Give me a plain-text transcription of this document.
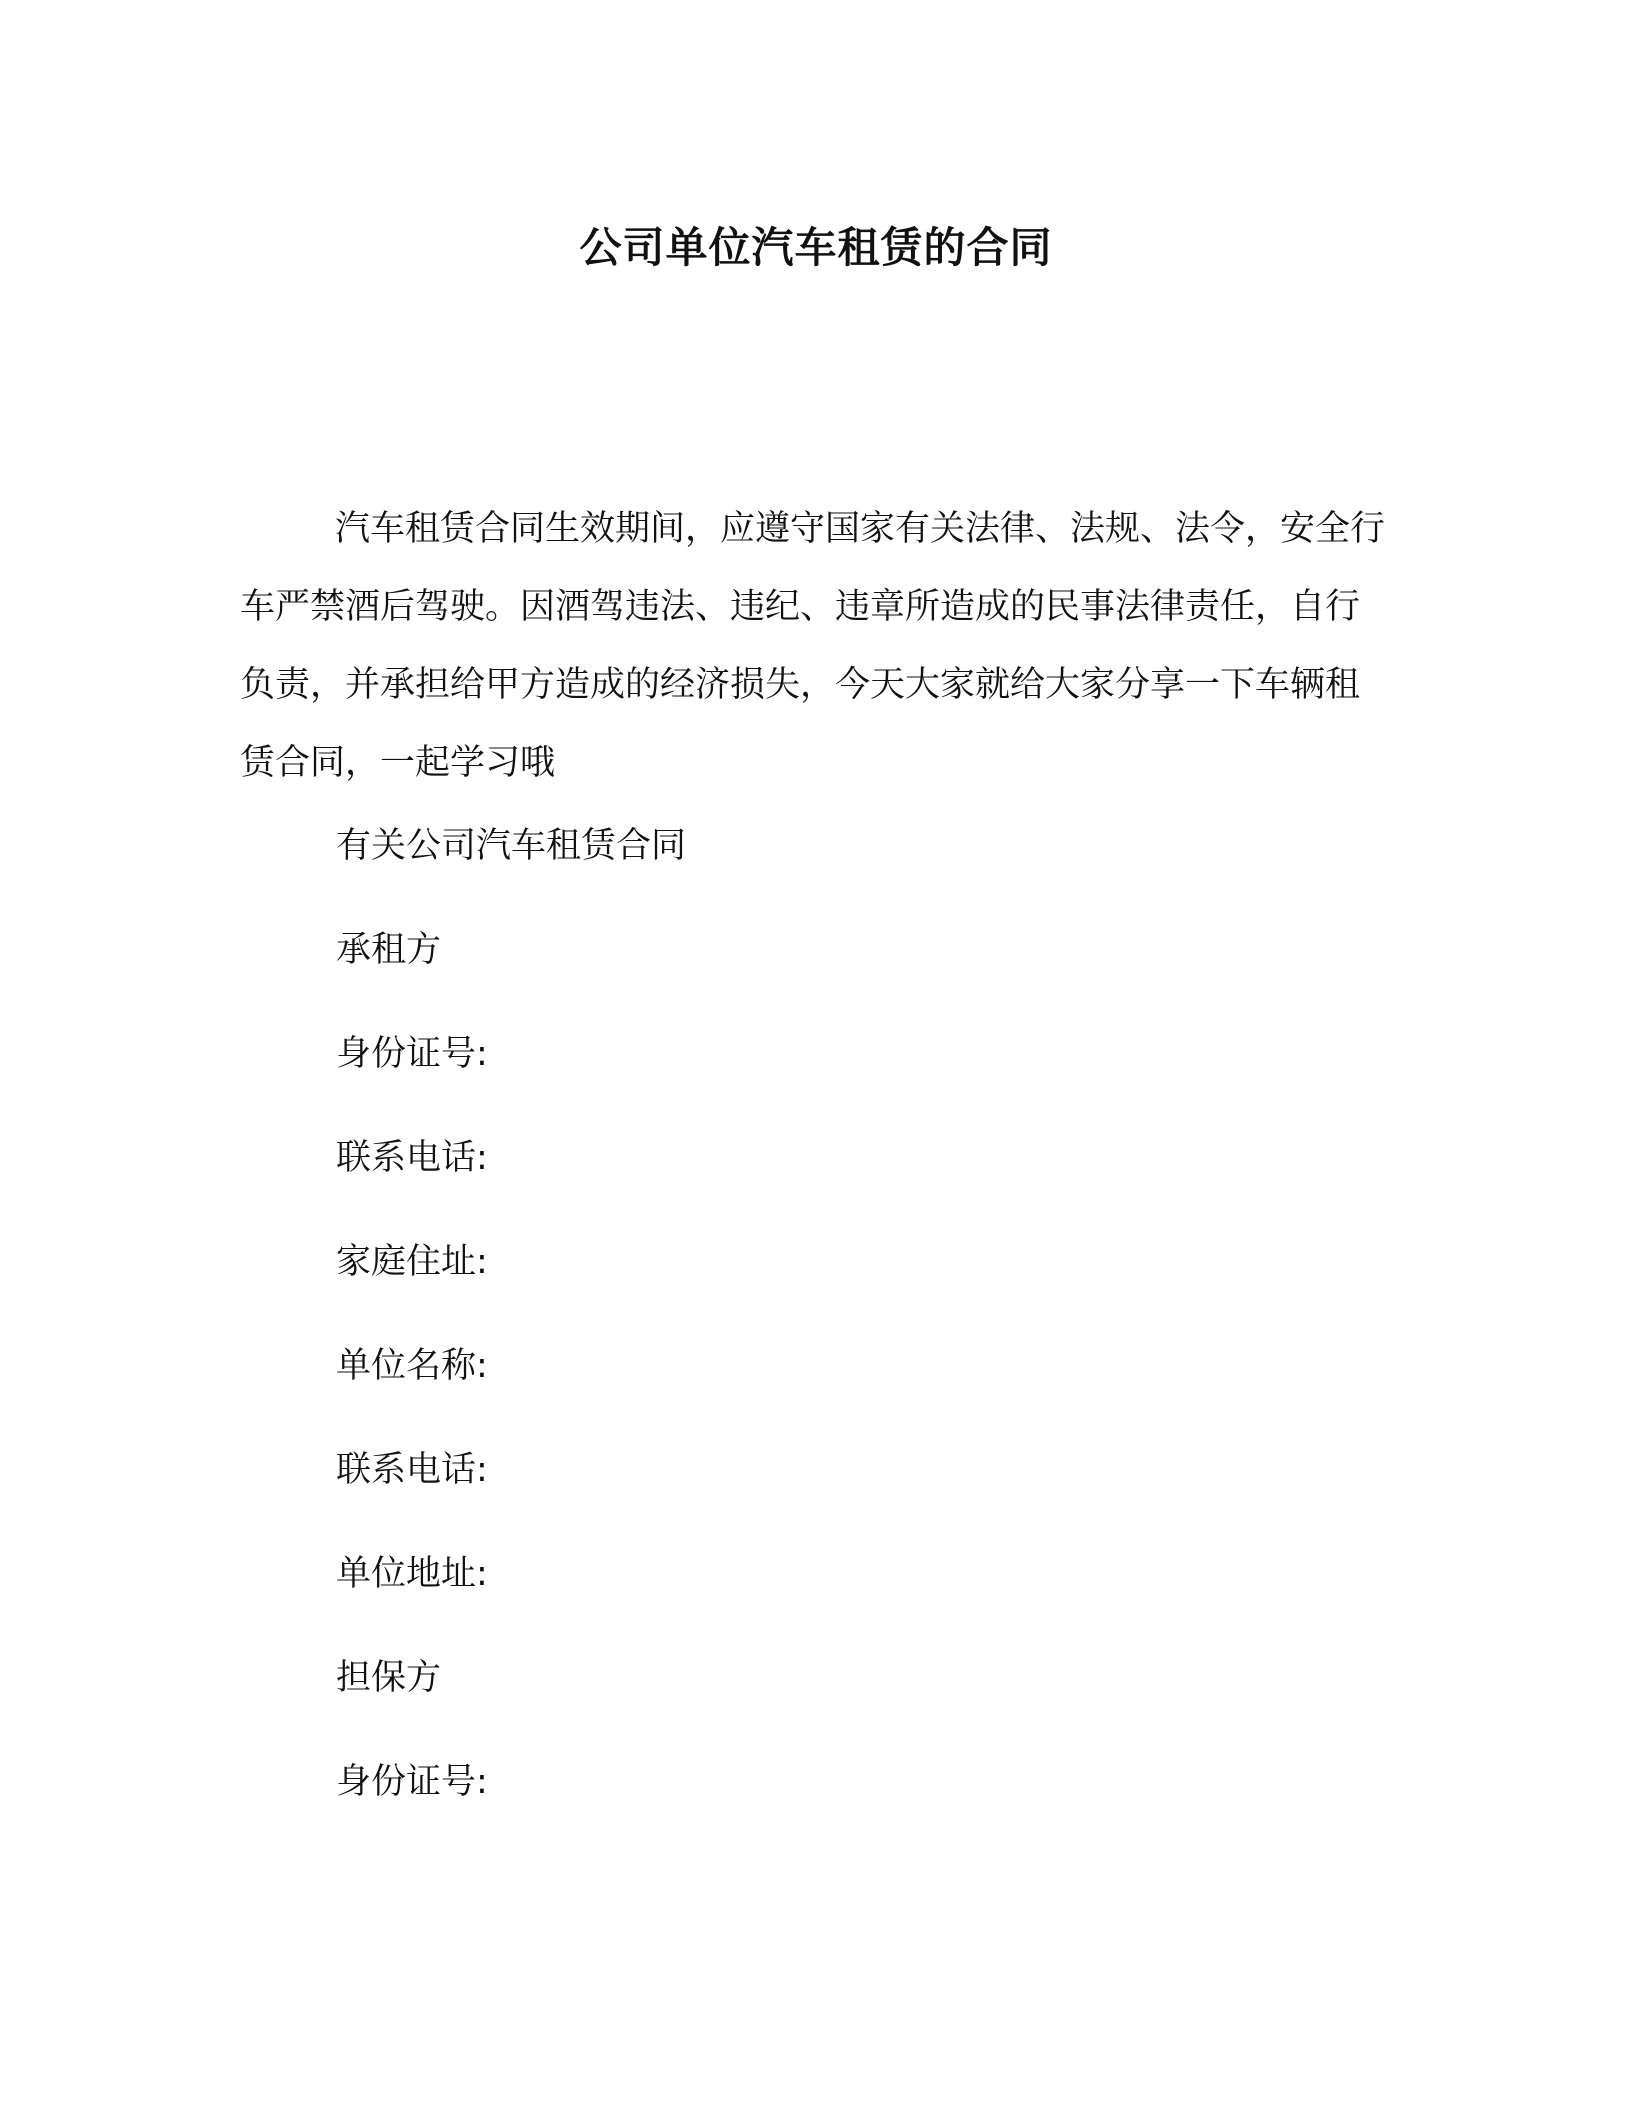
公司单位汽车租赁的合同

汽车租赁合同生效期间，应遵守国家有关法律、法规、法令，安全行车严禁酒后驾驶。因酒驾违法、违纪、违章所造成的民事法律责任，自行负责，并承担给甲方造成的经济损失，今天大家就给大家分享一下车辆租赁合同，一起学习哦

有关公司汽车租赁合同
承租方
身份证号:
联系电话:
家庭住址:
单位名称:
联系电话:
单位地址:
担保方
身份证号:
